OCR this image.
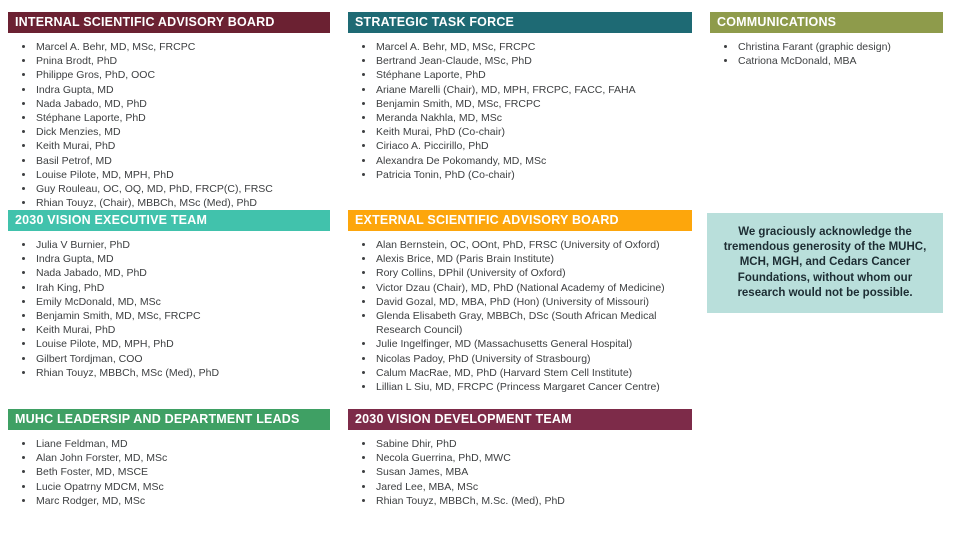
INTERNAL SCIENTIFIC ADVISORY BOARD
• Marcel A. Behr, MD, MSc, FRCPC
• Pnina Brodt, PhD
• Philippe Gros, PhD, OOC
• Indra Gupta, MD
• Nada Jabado, MD, PhD
• Stéphane Laporte, PhD
• Dick Menzies, MD
• Keith Murai, PhD
• Basil Petrof, MD
• Louise Pilote, MD, MPH, PhD
• Guy Rouleau, OC, OQ, MD, PhD, FRCP(C), FRSC
• Rhian Touyz, (Chair), MBBCh, MSc (Med), PhD
STRATEGIC TASK FORCE
• Marcel A. Behr, MD, MSc, FRCPC
• Bertrand Jean-Claude, MSc, PhD
• Stéphane Laporte, PhD
• Ariane Marelli (Chair), MD, MPH, FRCPC, FACC, FAHA
• Benjamin Smith, MD, MSc, FRCPC
• Meranda Nakhla, MD, MSc
• Keith Murai, PhD (Co-chair)
• Ciriaco A. Piccirillo, PhD
• Alexandra De Pokomandy, MD, MSc
• Patricia Tonin, PhD (Co-chair)
COMMUNICATIONS
• Christina Farant (graphic design)
• Catriona McDonald, MBA
2030 VISION EXECUTIVE TEAM
• Julia V Burnier, PhD
• Indra Gupta, MD
• Nada Jabado, MD, PhD
• Irah King, PhD
• Emily McDonald, MD, MSc
• Benjamin Smith, MD, MSc, FRCPC
• Keith Murai, PhD
• Louise Pilote, MD, MPH, PhD
• Gilbert Tordjman, COO
• Rhian Touyz, MBBCh, MSc (Med), PhD
EXTERNAL SCIENTIFIC ADVISORY BOARD
• Alan Bernstein, OC, OOnt, PhD, FRSC (University of Oxford)
• Alexis Brice, MD (Paris Brain Institute)
• Rory Collins, DPhil (University of Oxford)
• Victor Dzau (Chair), MD, PhD (National Academy of Medicine)
• David Gozal, MD, MBA, PhD (Hon) (University of Missouri)
• Glenda Elisabeth Gray, MBBCh, DSc (South African Medical Research Council)
• Julie Ingelfinger, MD (Massachusetts General Hospital)
• Nicolas Padoy, PhD (University of Strasbourg)
• Calum MacRae, MD, PhD (Harvard Stem Cell Institute)
• Lillian L Siu, MD, FRCPC (Princess Margaret Cancer Centre)
MUHC LEADERSIP AND DEPARTMENT LEADS
• Liane Feldman, MD
• Alan John Forster, MD, MSc
• Beth Foster, MD, MSCE
• Lucie Opatrny MDCM, MSc
• Marc Rodger, MD, MSc
2030 VISION DEVELOPMENT TEAM
• Sabine Dhir, PhD
• Necola Guerrina, PhD, MWC
• Susan James, MBA
• Jared Lee, MBA, MSc
• Rhian Touyz, MBBCh, M.Sc. (Med), PhD

We graciously acknowledge the tremendous generosity of the MUHC, MCH, MGH, and Cedars Cancer Foundations, without whom our research would not be possible.
